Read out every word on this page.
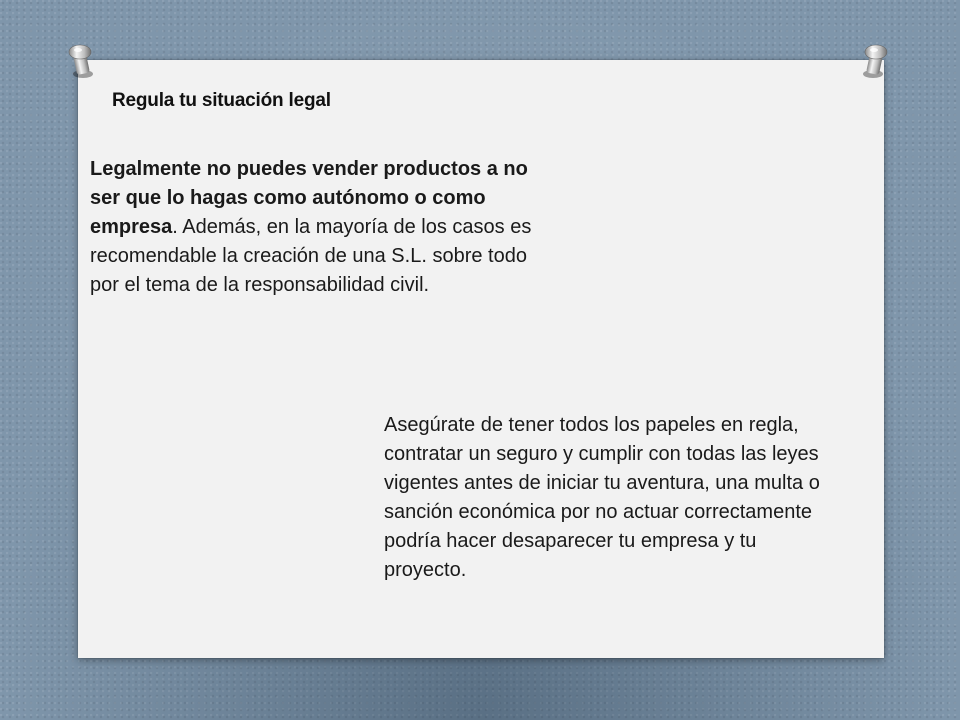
Regula tu situación legal
Legalmente no puedes vender productos a no ser que lo hagas como autónomo o como empresa. Además, en la mayoría de los casos es recomendable la creación de una S.L. sobre todo por el tema de la responsabilidad civil.
Asegúrate de tener todos los papeles en regla, contratar un seguro y cumplir con todas las leyes vigentes antes de iniciar tu aventura, una multa o sanción económica por no actuar correctamente podría hacer desaparecer tu empresa y tu proyecto.
